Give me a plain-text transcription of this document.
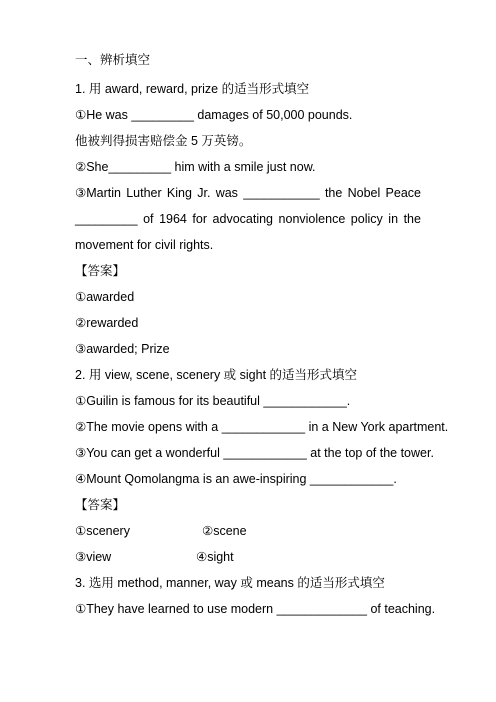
一、辨析填空
1. 用 award, reward, prize 的适当形式填空
①He was _________ damages of 50,000 pounds.
他被判得损害赔偿金 5 万英镑。
②She_________ him with a smile just now.
③Martin Luther King Jr. was ___________ the Nobel Peace
_________ of 1964 for advocating nonviolence policy in the
movement for civil rights.
【答案】
①awarded
②rewarded
③awarded; Prize
2. 用 view, scene, scenery 或 sight 的适当形式填空
①Guilin is famous for its beautiful ____________.
②The movie opens with a ____________ in a New York apartment.
③You can get a wonderful ____________ at the top of the tower.
④Mount Qomolangma is an awe-inspiring ____________.
【答案】
①scenery	②scene
③view	④sight
3. 选用 method, manner, way 或 means 的适当形式填空
①They have learned to use modern _____________ of teaching.
